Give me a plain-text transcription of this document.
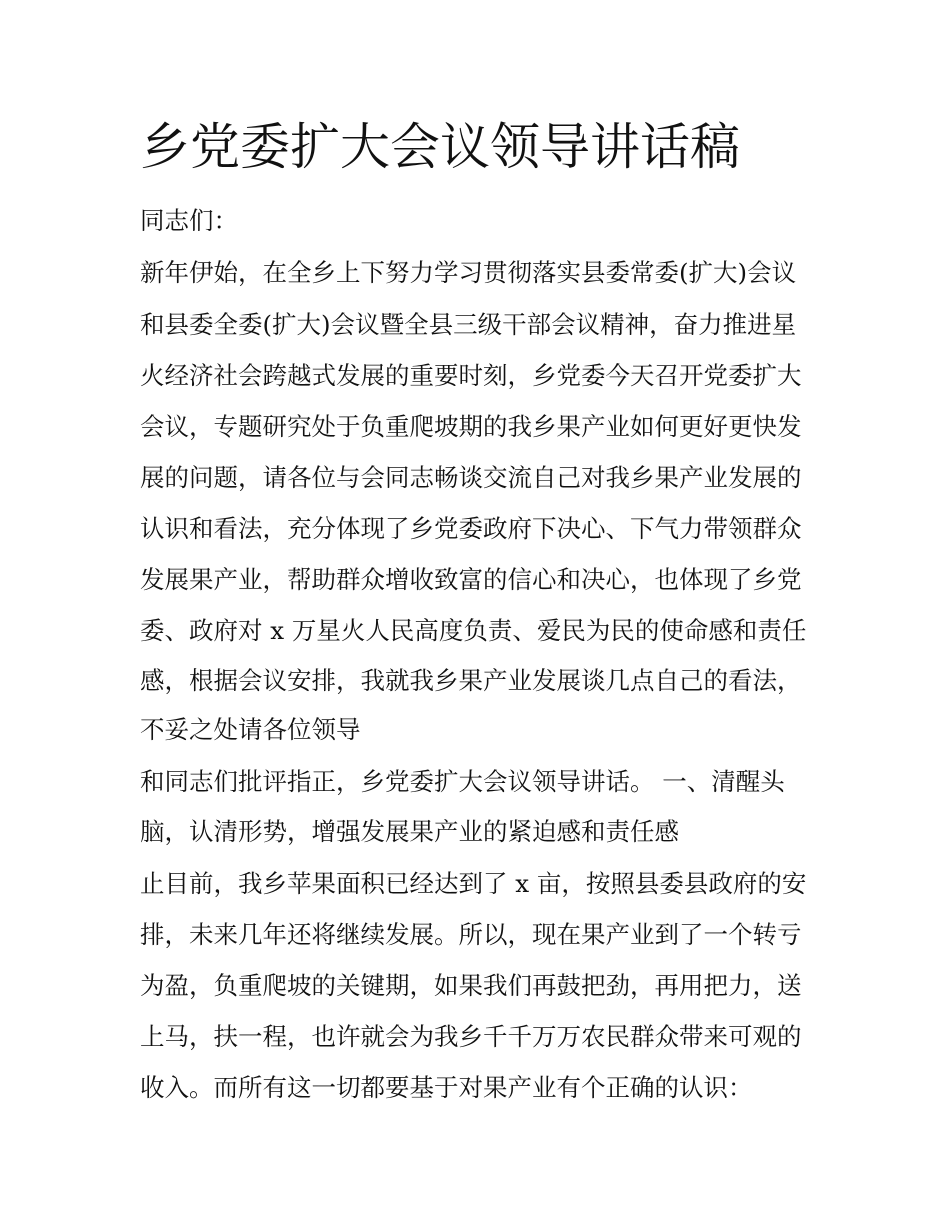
乡党委扩大会议领导讲话稿

同志们：

新年伊始，在全乡上下努力学习贯彻落实县委常委(扩大)会议

和县委全委(扩大)会议暨全县三级干部会议精神，奋力推进星

火经济社会跨越式发展的重要时刻，乡党委今天召开党委扩大

会议，专题研究处于负重爬坡期的我乡果产业如何更好更快发

展的问题，请各位与会同志畅谈交流自己对我乡果产业发展的

认识和看法，充分体现了乡党委政府下决心、下气力带领群众

发展果产业，帮助群众增收致富的信心和决心，也体现了乡党

委、政府对 x 万星火人民高度负责、爱民为民的使命感和责任

感，根据会议安排，我就我乡果产业发展谈几点自己的看法，

不妥之处请各位领导

和同志们批评指正，乡党委扩大会议领导讲话。 一、清醒头

脑，认清形势，增强发展果产业的紧迫感和责任感

止目前，我乡苹果面积已经达到了 x 亩，按照县委县政府的安

排，未来几年还将继续发展。所以，现在果产业到了一个转亏

为盈，负重爬坡的关键期，如果我们再鼓把劲，再用把力，送

上马，扶一程，也许就会为我乡千千万万农民群众带来可观的

收入。而所有这一切都要基于对果产业有个正确的认识：
